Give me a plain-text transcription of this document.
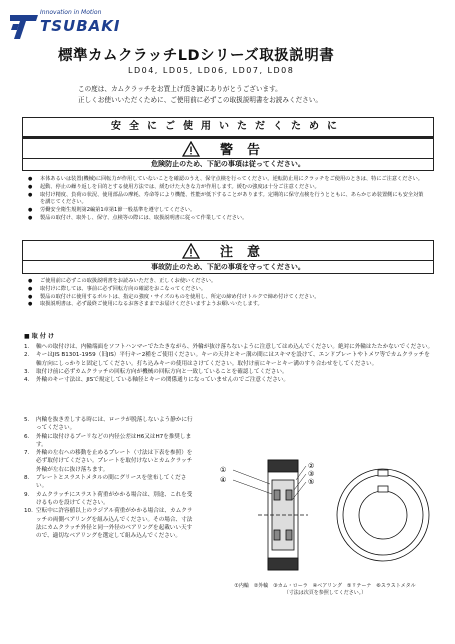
Innovation in Motion
TSUBAKI
標準カムクラッチLDシリーズ取扱説明書
LD04, LD05, LD06, LD07, LD08
この度は、カムクラッチをお買上げ頂き誠にありがとうございます。
正しくお使いいただくために、ご使用前に必ずこの取扱説明書をお読みください。
安全にご使用いただくために
警告
危険防止のため、下記の事項は従ってください。
● 本体あるいは装置(機械)に回転力が作用していないことを確認のうえ、保守点検を行ってください。逆転防止用にクラッチをご使用のときは、特にご注意ください。
● 起動、停止の繰り返しを目的とする使用方法では、緩むけた大きな力が作用します。緩むの強度は十分ご注意ください。
● 取付け精度、負荷の状況、使用部品の摩耗、寿命等により機能、性能が低下することがあります。定期的に保守点検を行うとともに、あらかじめ装置側にも安全対策を講じてください。
● 労働安全衛生規則第2編第1章第1節一般基準を遵守してください。
● 製品の取付け、取外し、保守、点検等の際には、取扱説明書に従って作業してください。
注意
事故防止のため、下記の事項を守ってください。
● ご使用前に必ずこの取扱説明書をお読みいただき、正しくお使いください。
● 取付けに際しては、事前に必ず回転方向の確認をおこなってください。
● 製品の取付けに使用するボルトは、指定の強度・サイズのものを使用し、所定の締め付けトルクで締め付けてください。
● 取扱説明書は、必ず最終ご使用になるお客さままでお届けくださいますようお願いいたします。
■ 取 付 け
1. 軸への取付けは、内輪端面をソフトハンマーでたたきながら、外輪が抜け落ちないように注意してはめ込んでください。絶対に外輪はたたかないでください。
2. キーはJIS B1301-1959（旧JIS）平行キー2種をご使用ください。キーの天井とキー溝の間にはスキマを設けて、エンドプレートやトメワ等でカムクラッチを軸方向にしっかりと固定してください。打ち込みキーの使用はさけてください。取付け前にキーとキー溝のすり合わせをしてください。
3. 取付け前に必ずカムクラッチの回転方向が機械の回転方向と一致していることを確認してください。
4. 外輪のキー寸法は、JISで規定している軸径とキーの関係通りになっていませんのでご注意ください。
5. 内輪を抜き差しする時には、ローラが脱落しないよう静かに行ってください。
6. 外輪に取付けるプーリなどの内径公差はH6又はH7を推奨します。
7. 外輪の左右への移動を止めるプレート（寸法は下表を参照）を必ず取付けてください。プレートを取付けないとカムクラッチ外輪が左右に抜け落ちます。
8. プレートとスラストメタルの間にグリースを塗布してください。
9. カムクラッチにスラスト荷重がかかる場合は、別途、これを受けるものを設けてください。
10. 空転中に許容値以上のラジアル荷重がかかる場合は、カムクラッチの両側ベアリングを組み込んでください。その場合、寸法法にカムクラッチ外径と同一外径のベアリングを起載いい天すので、適切なベアリングを選定して組み込んでください。
①
④
②
③
⑤
①内輪　②外輪　③カム・ローラ　④ベアリング　⑤リテーナ　⑥スラストメタル
（寸法は次頁を参照してください。）
